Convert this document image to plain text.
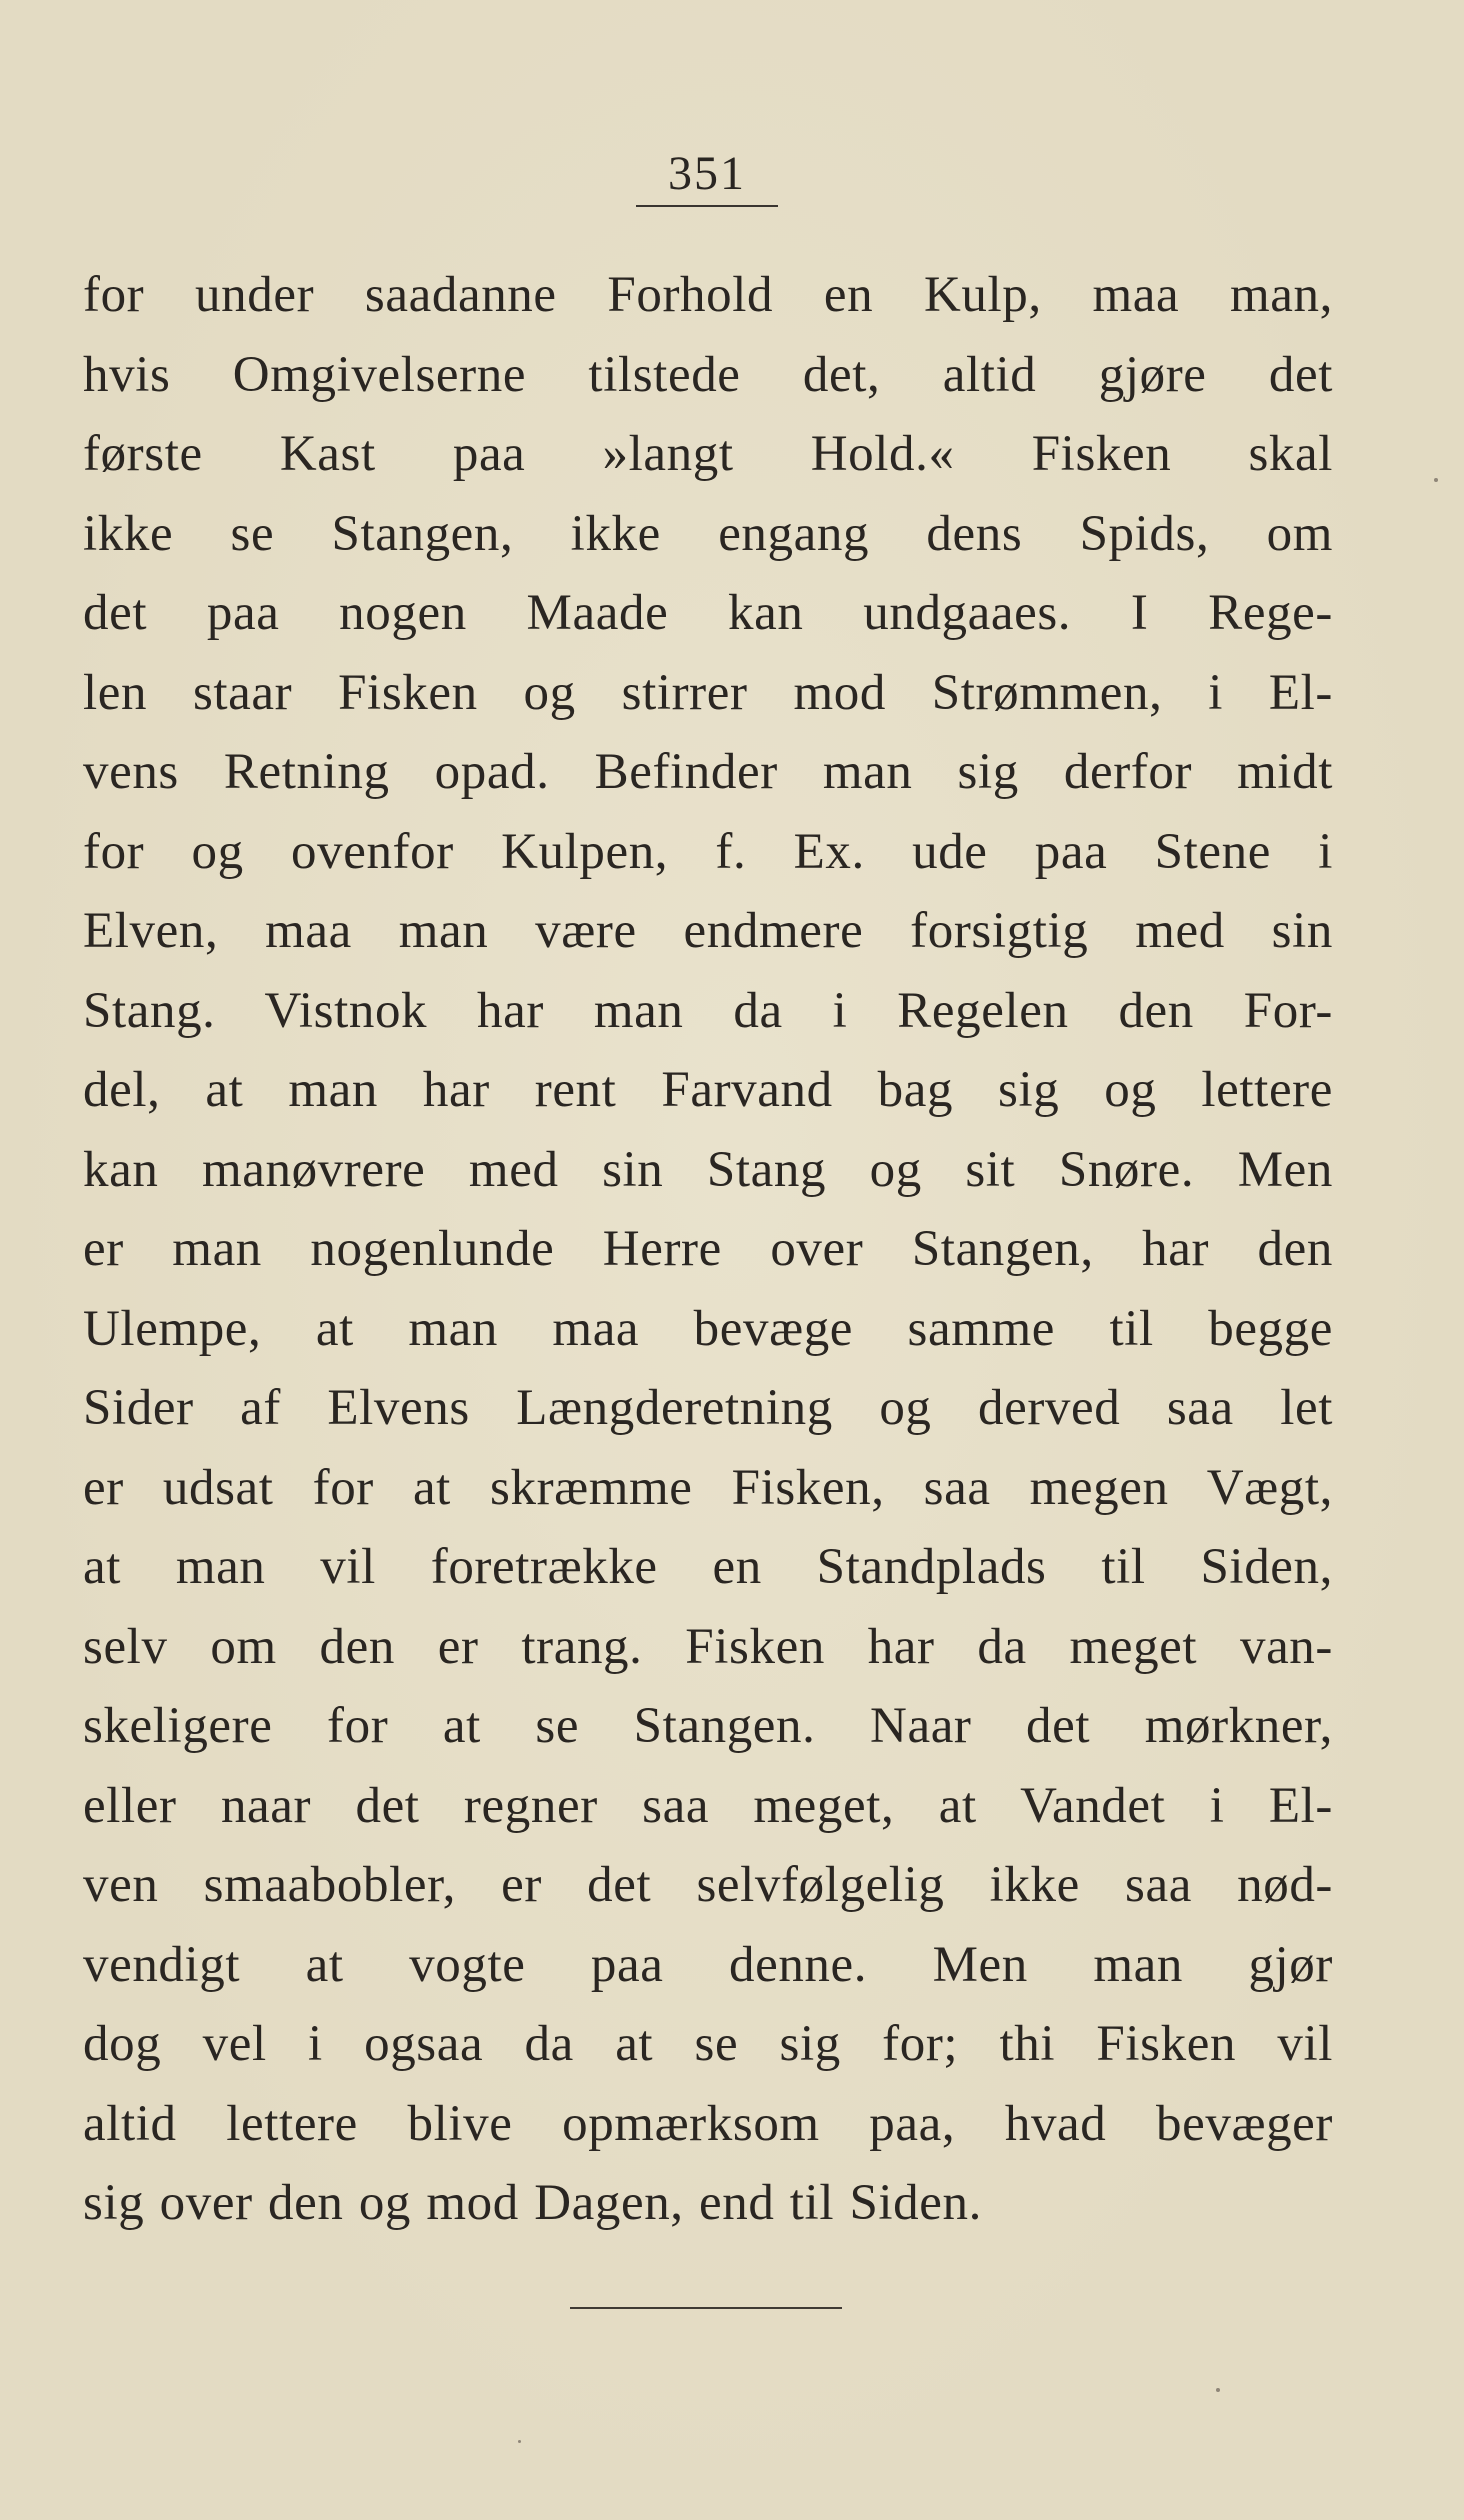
351
for under saadanne Forhold en Kulp, maa man,
hvis Omgivelserne tilstede det, altid gjøre det
første Kast paa »langt Hold.« Fisken skal
ikke se Stangen, ikke engang dens Spids, om
det paa nogen Maade kan undgaaes. I Rege-
len staar Fisken og stirrer mod Strømmen, i El-
vens Retning opad. Befinder man sig derfor midt
for og ovenfor Kulpen, f. Ex. ude paa Stene i
Elven, maa man være endmere forsigtig med sin
Stang. Vistnok har man da i Regelen den For-
del, at man har rent Farvand bag sig og lettere
kan manøvrere med sin Stang og sit Snøre. Men
er man nogenlunde Herre over Stangen, har den
Ulempe, at man maa bevæge samme til begge
Sider af Elvens Længderetning og derved saa let
er udsat for at skræmme Fisken, saa megen Vægt,
at man vil foretrække en Standplads til Siden,
selv om den er trang. Fisken har da meget van-
skeligere for at se Stangen. Naar det mørkner,
eller naar det regner saa meget, at Vandet i El-
ven smaabobler, er det selvfølgelig ikke saa nød-
vendigt at vogte paa denne. Men man gjør
dog vel i ogsaa da at se sig for; thi Fisken vil
altid lettere blive opmærksom paa, hvad bevæger
sig over den og mod Dagen, end til Siden.
